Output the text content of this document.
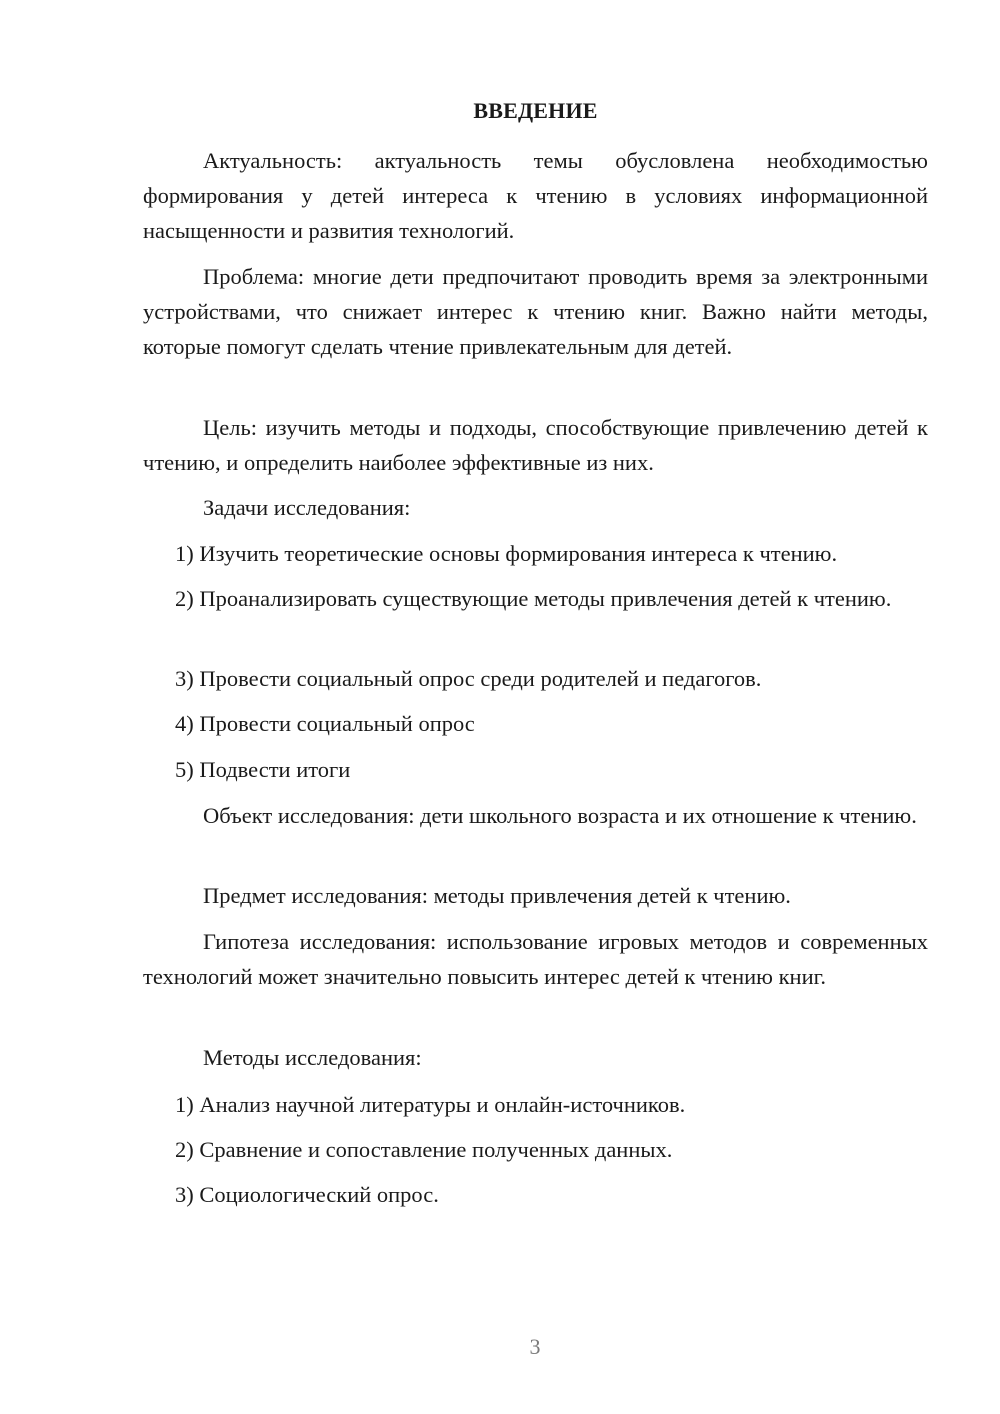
ВВЕДЕНИЕ
Актуальность: актуальность темы обусловлена необходимостью формирования у детей интереса к чтению в условиях информационной насыщенности и развития технологий.
Проблема: многие дети предпочитают проводить время за электронными устройствами, что снижает интерес к чтению книг. Важно найти методы, которые помогут сделать чтение привлекательным для детей.
Цель: изучить методы и подходы, способствующие привлечению детей к чтению, и определить наиболее эффективные из них.
Задачи исследования:
1) Изучить теоретические основы формирования интереса к чтению.
2) Проанализировать существующие методы привлечения детей к чтению.
3) Провести социальный опрос среди родителей и педагогов.
4) Провести социальный опрос
5) Подвести итоги
Объект исследования: дети школьного возраста и их отношение к чтению.
Предмет исследования: методы привлечения детей к чтению.
Гипотеза исследования: использование игровых методов и современных технологий может значительно повысить интерес детей к чтению книг.
Методы исследования:
1) Анализ научной литературы и онлайн-источников.
2) Сравнение и сопоставление полученных данных.
3) Социологический опрос.
3
